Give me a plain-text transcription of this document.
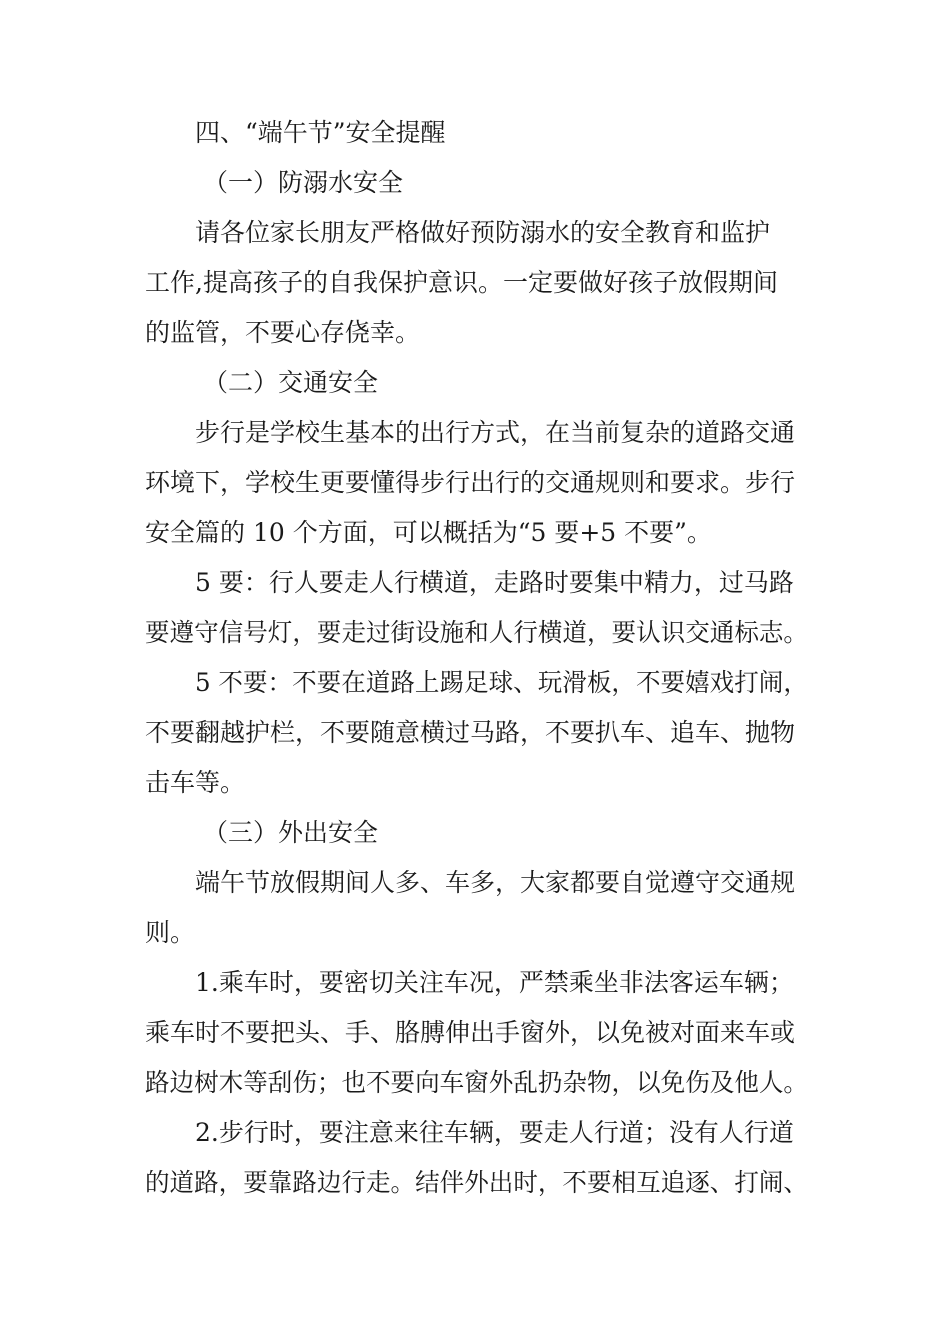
四、“端午节”安全提醒
（一）防溺水安全
请各位家长朋友严格做好预防溺水的安全教育和监护
工作,提高孩子的自我保护意识。一定要做好孩子放假期间
的监管，不要心存侥幸。
（二）交通安全
步行是学校生基本的出行方式，在当前复杂的道路交通
环境下，学校生更要懂得步行出行的交通规则和要求。步行
安全篇的 10 个方面，可以概括为“5 要+5 不要”。
5 要：行人要走人行横道，走路时要集中精力，过马路
要遵守信号灯，要走过街设施和人行横道，要认识交通标志。
5 不要：不要在道路上踢足球、玩滑板，不要嬉戏打闹，
不要翻越护栏，不要随意横过马路，不要扒车、追车、抛物
击车等。
（三）外出安全
端午节放假期间人多、车多，大家都要自觉遵守交通规
则。
1.乘车时，要密切关注车况，严禁乘坐非法客运车辆；
乘车时不要把头、手、胳膊伸出手窗外，以免被对面来车或
路边树木等刮伤；也不要向车窗外乱扔杂物，以免伤及他人。
2.步行时，要注意来往车辆，要走人行道；没有人行道
的道路，要靠路边行走。结伴外出时，不要相互追逐、打闹、
